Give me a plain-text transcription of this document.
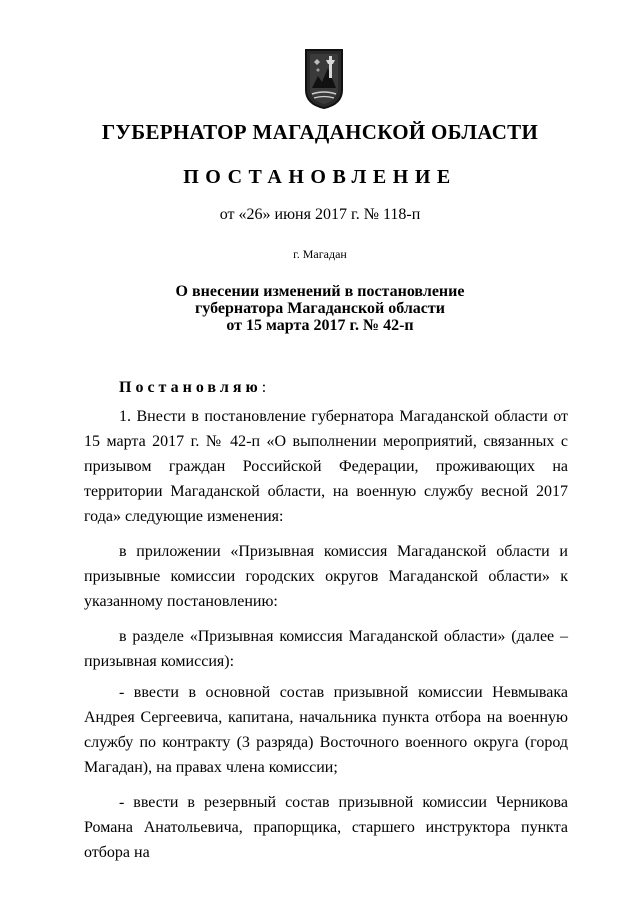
ГУБЕРНАТОР МАГАДАНСКОЙ ОБЛАСТИ
ПОСТАНОВЛЕНИЕ
от «26» июня 2017 г. № 118-п
г. Магадан
О внесении изменений в постановление
губернатора Магаданской области
от 15 марта 2017 г. № 42-п
Постановляю:

1. Внести в постановление губернатора Магаданской области от 15 марта 2017 г. № 42-п «О выполнении мероприятий, связанных с призывом граждан Российской Федерации, проживающих на территории Магаданской области, на военную службу весной 2017 года» следующие изменения:

в приложении «Призывная комиссия Магаданской области и призывные комиссии городских округов Магаданской области» к указанному постановлению:

в разделе «Призывная комиссия Магаданской области» (далее – призывная комиссия):

- ввести в основной состав призывной комиссии Невмывака Андрея Сергеевича, капитана, начальника пункта отбора на военную службу по контракту (3 разряда) Восточного военного округа (город Магадан), на правах члена комиссии;

- ввести в резервный состав призывной комиссии Черникова Романа Анатольевича, прапорщика, старшего инструктора пункта отбора на
